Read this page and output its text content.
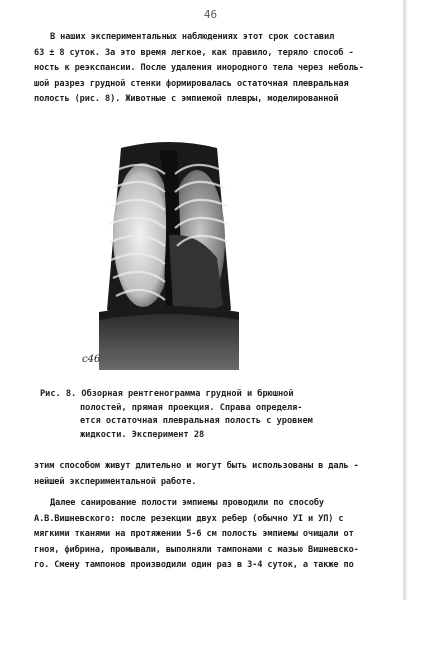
46
В наших экспериментальных наблюдениях этот срок составил
63 ± 8 суток. За это время легкое, как правило, теряло способ -
ность к реэкспансии. После удаления инородного тела через неболь-
шой разрез грудной стенки формировалась остаточная плевральная
полость (рис. 8). Животные с эмпиемой плевры, моделированной
c46
Рис. 8. Обзорная рентгенограмма грудной и брюшной
полостей, прямая проекция. Справа определя-
ется остаточная плевральная полость с уровнем
жидкости. Эксперимент 28
этим способом живут длительно и могут быть использованы в даль -
нейшей экспериментальной работе.
Далее санирование полости эмпиемы проводили по способу
А.В.Вишневского: после резекции двух ребер (обычно УI и УП) с
мягкими тканями на протяжении 5-6 см полость эмпиемы очищали от
гноя, фибрина, промывали, выполняли тампонами с мазью Вишневско-
го. Смену тампонов производили один раз в 3-4 суток, а также по
